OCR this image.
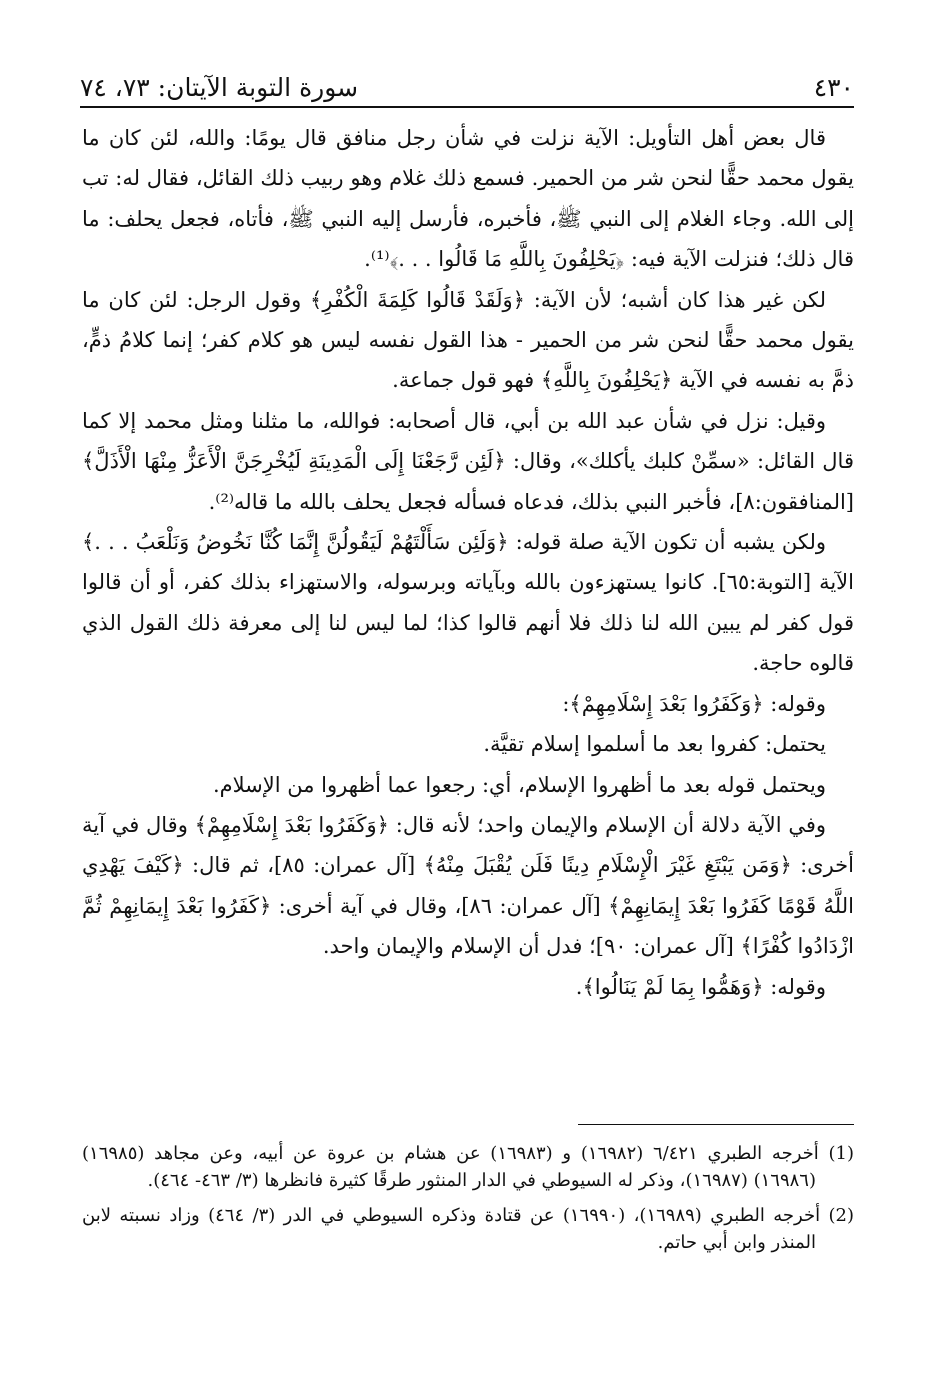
٤٣٠
سورة التوبة الآيتان: ٧٣، ٧٤

قال بعض أهل التأويل: الآية نزلت في شأن رجل منافق قال يومًا: والله، لئن كان ما يقول محمد حقًّا لنحن شر من الحمير. فسمع ذلك غلام وهو ربيب ذلك القائل، فقال له: تب إلى الله. وجاء الغلام إلى النبي ﷺ، فأخبره، فأرسل إليه النبي ﷺ، فأتاه، فجعل يحلف: ما قال ذلك؛ فنزلت الآية فيه: ﴿يَحْلِفُونَ بِاللَّهِ مَا قَالُوا . . .﴾⁽¹⁾.

لكن غير هذا كان أشبه؛ لأن الآية: ﴿وَلَقَدْ قَالُوا كَلِمَةَ الْكُفْرِ﴾ وقول الرجل: لئن كان ما يقول محمد حقًّا لنحن شر من الحمير - هذا القول نفسه ليس هو كلام كفر؛ إنما كلامُ ذمٍّ، ذمَّ به نفسه في الآية ﴿يَحْلِفُونَ بِاللَّهِ﴾ فهو قول جماعة.

وقيل: نزل في شأن عبد الله بن أبي، قال أصحابه: فوالله، ما مثلنا ومثل محمد إلا كما قال القائل: «سمِّنْ كلبك يأكلك»، وقال: ﴿لَئِن رَّجَعْنَا إِلَى الْمَدِينَةِ لَيُخْرِجَنَّ الْأَعَزُّ مِنْهَا الْأَذَلَّ﴾ [المنافقون:٨]، فأخبر النبي بذلك، فدعاه فسأله فجعل يحلف بالله ما قاله⁽²⁾.

ولكن يشبه أن تكون الآية صلة قوله: ﴿وَلَئِن سَأَلْتَهُمْ لَيَقُولُنَّ إِنَّمَا كُنَّا نَخُوضُ وَنَلْعَبُ . . .﴾ الآية [التوبة:٦٥]. كانوا يستهزءون بالله وبآياته وبرسوله، والاستهزاء بذلك كفر، أو أن قالوا قول كفر لم يبين الله لنا ذلك فلا أنهم قالوا كذا؛ لما ليس لنا إلى معرفة ذلك القول الذي قالوه حاجة.

وقوله: ﴿وَكَفَرُوا بَعْدَ إِسْلَامِهِمْ﴾:

يحتمل: كفروا بعد ما أسلموا إسلام تقيَّة.

ويحتمل قوله بعد ما أظهروا الإسلام، أي: رجعوا عما أظهروا من الإسلام.

وفي الآية دلالة أن الإسلام والإيمان واحد؛ لأنه قال: ﴿وَكَفَرُوا بَعْدَ إِسْلَامِهِمْ﴾ وقال في آية أخرى: ﴿وَمَن يَبْتَغِ غَيْرَ الْإِسْلَامِ دِينًا فَلَن يُقْبَلَ مِنْهُ﴾ [آل عمران: ٨٥]، ثم قال: ﴿كَيْفَ يَهْدِي اللَّهُ قَوْمًا كَفَرُوا بَعْدَ إِيمَانِهِمْ﴾ [آل عمران: ٨٦]، وقال في آية أخرى: ﴿كَفَرُوا بَعْدَ إِيمَانِهِمْ ثُمَّ ازْدَادُوا كُفْرًا﴾ [آل عمران: ٩٠]؛ فدل أن الإسلام والإيمان واحد.

وقوله: ﴿وَهَمُّوا بِمَا لَمْ يَنَالُوا﴾.

(1) أخرجه الطبري ٦/٤٢١ (١٦٩٨٢) و (١٦٩٨٣) عن هشام بن عروة عن أبيه، وعن مجاهد (١٦٩٨٥) (١٦٩٨٦) (١٦٩٨٧)، وذكر له السيوطي في الدار المنثور طرقًا كثيرة فانظرها (٣/ ٤٦٣- ٤٦٤).

(2) أخرجه الطبري (١٦٩٨٩)، (١٦٩٩٠) عن قتادة وذكره السيوطي في الدر (٣/ ٤٦٤) وزاد نسبته لابن المنذر وابن أبي حاتم.
